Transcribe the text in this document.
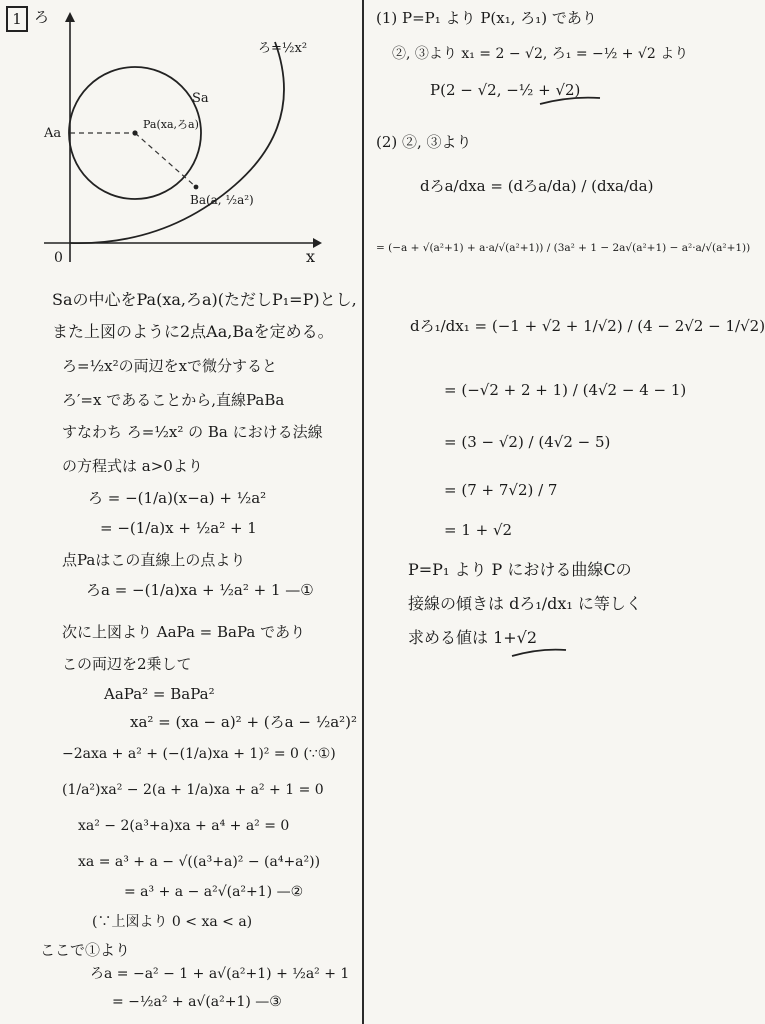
1 ろ
x
0
ろ=½x²
Sa
Aa
Pa(xa,ろa)
Ba(a, ½a²)
Saの中心をPa(xa,ろa)(ただしP₁=P)とし,
また上図のように2点Aa,Baを定める。
ろ=½x²の両辺をxで微分すると
ろ′=x であることから,直線PaBa
すなわち ろ=½x² の Ba における法線
の方程式は a>0より
ろ = −(1/a)(x−a) + ½a²
= −(1/a)x + ½a² + 1
点Paはこの直線上の点より
ろa = −(1/a)xa + ½a² + 1 —①
次に上図より AaPa = BaPa であり
この両辺を2乗して
AaPa² = BaPa²
xa² = (xa − a)² + (ろa − ½a²)²
−2axa + a² + (−(1/a)xa + 1)² = 0 (∵①)
(1/a²)xa² − 2(a + 1/a)xa + a² + 1 = 0
xa² − 2(a³+a)xa + a⁴ + a² = 0
xa = a³ + a − √((a³+a)² − (a⁴+a²))
= a³ + a − a²√(a²+1) —②
(∵上図より 0 < xa < a)
ここで①より
ろa = −a² − 1 + a√(a²+1) + ½a² + 1
= −½a² + a√(a²+1) —③
(1) P=P₁ より P(x₁, ろ₁) であり
②, ③より x₁ = 2 − √2, ろ₁ = −½ + √2 より
P(2 − √2, −½ + √2)
(2) ②, ③より
dろa/dxa = (dろa/da) / (dxa/da)
= (−a + √(a²+1) + a·a/√(a²+1)) / (3a² + 1 − 2a√(a²+1) − a²·a/√(a²+1))
dろ₁/dx₁ = (−1 + √2 + 1/√2) / (4 − 2√2 − 1/√2)
= (−√2 + 2 + 1) / (4√2 − 4 − 1)
= (3 − √2) / (4√2 − 5)
= (7 + 7√2) / 7
= 1 + √2
P=P₁ より P における曲線Cの
接線の傾きは dろ₁/dx₁ に等しく
求める値は 1+√2
